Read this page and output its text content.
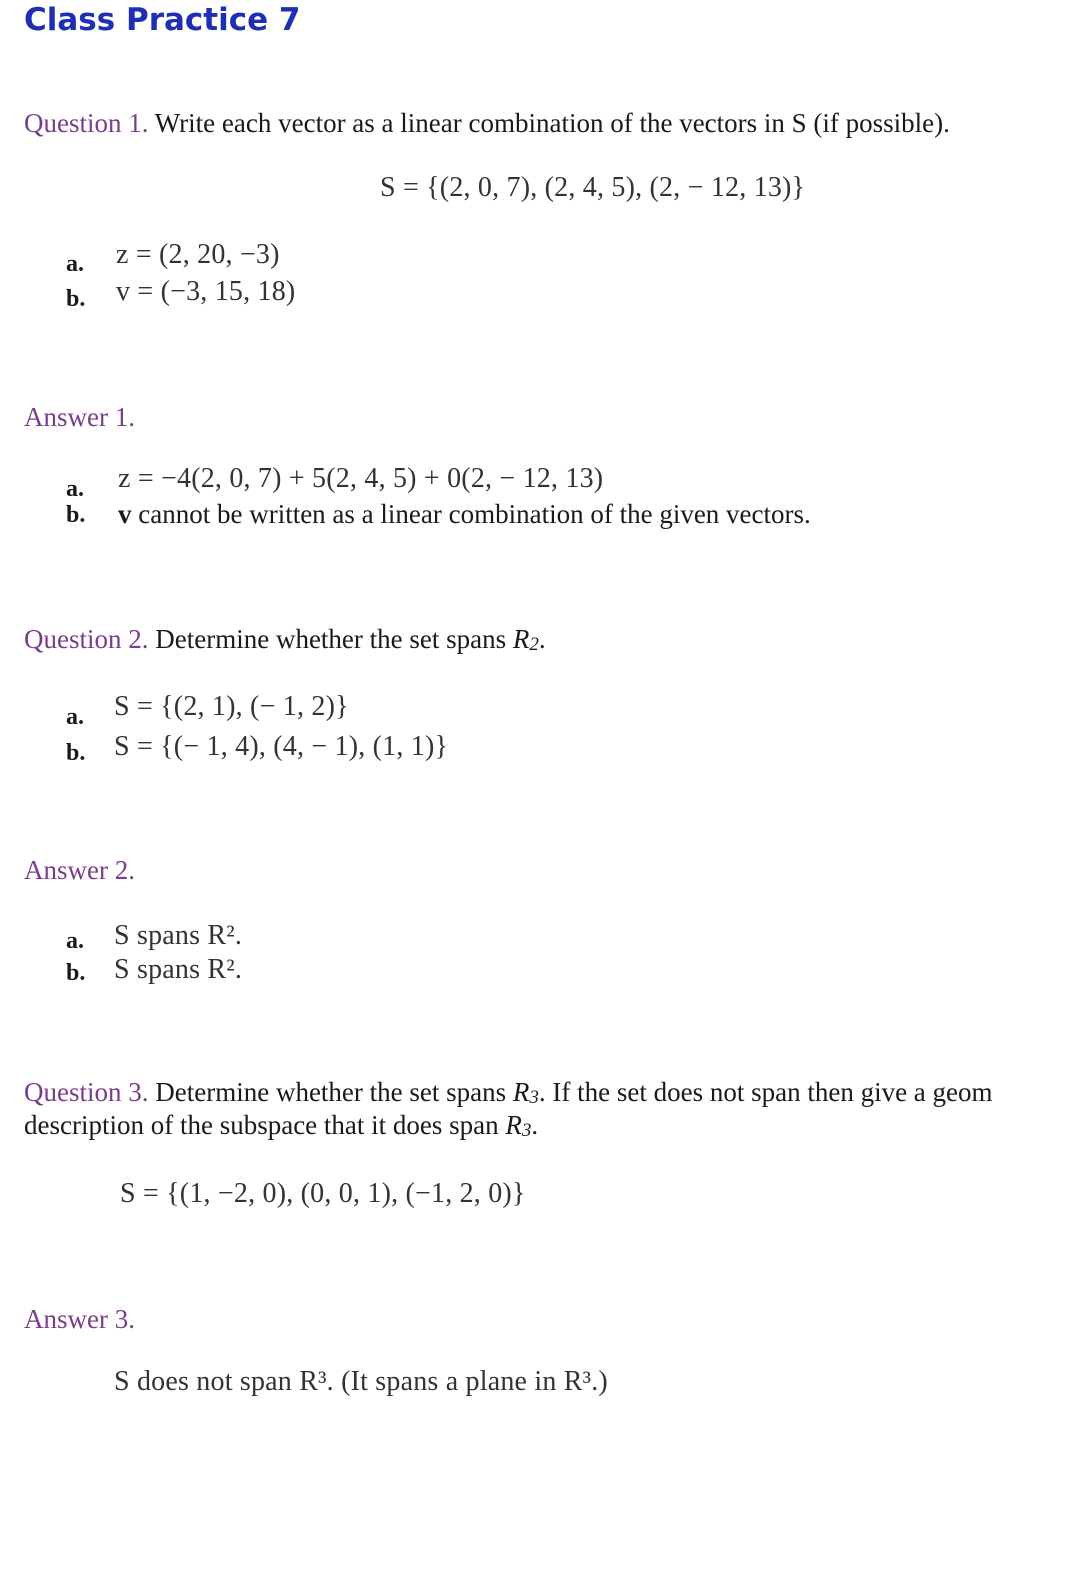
Class Practice 7
Question 1. Write each vector as a linear combination of the vectors in S (if possible).
S = {(2, 0, 7), (2, 4, 5), (2, − 12, 13)}
a. z = (2, 20, −3)
b. v = (−3, 15, 18)
Answer 1.
a. z = −4(2, 0, 7) + 5(2, 4, 5) + 0(2, − 12, 13)
b. v cannot be written as a linear combination of the given vectors.
Question 2. Determine whether the set spans R2.
a. S = {(2, 1), (− 1, 2)}
b. S = {(− 1, 4), (4, − 1), (1, 1)}
Answer 2.
a. S spans R².
b. S spans R².
Question 3. Determine whether the set spans R3. If the set does not span then give a geom
description of the subspace that it does span R3.
S = {(1, −2, 0), (0, 0, 1), (−1, 2, 0)}
Answer 3.
S does not span R³. (It spans a plane in R³.)
